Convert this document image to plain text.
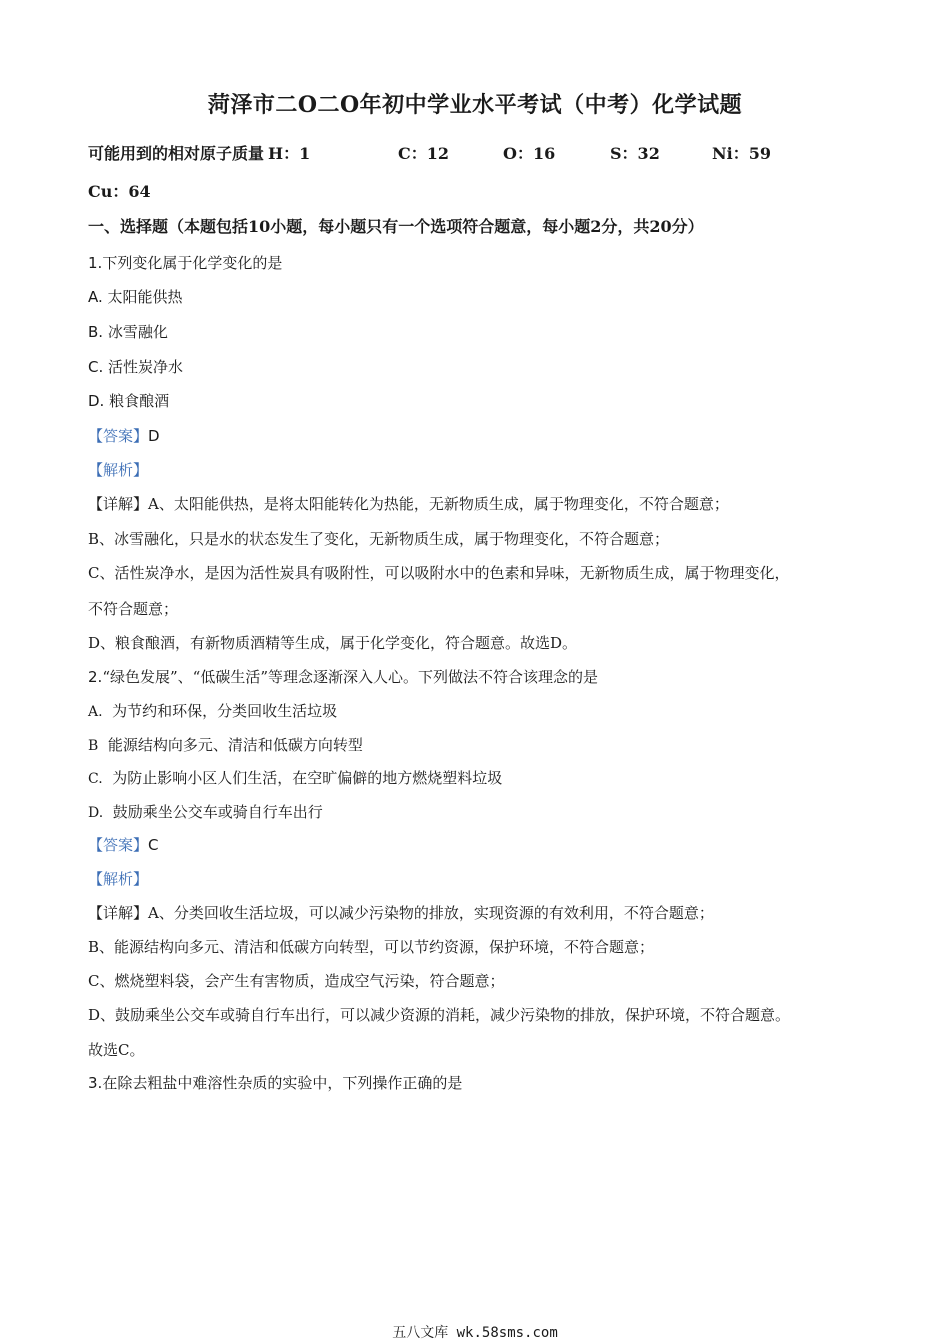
菏泽市二O二O年初中学业水平考试（中考）化学试题
可能用到的相对原子质量 H：1	C：12	O：16	S：32	Ni：59
Cu：64
一、选择题（本题包括10小题，每小题只有一个选项符合题意，每小题2分，共20分）
1.下列变化属于化学变化的是
A. 太阳能供热
B. 冰雪融化
C. 活性炭净水
D. 粮食酿酒
【答案】D
【解析】
【详解】A、太阳能供热，是将太阳能转化为热能，无新物质生成，属于物理变化，不符合题意；
B、冰雪融化，只是水的状态发生了变化，无新物质生成，属于物理变化，不符合题意；
C、活性炭净水，是因为活性炭具有吸附性，可以吸附水中的色素和异味，无新物质生成，属于物理变化，
不符合题意；
D、粮食酿酒，有新物质酒精等生成，属于化学变化，符合题意。故选D。
2.“绿色发展”、“低碳生活”等理念逐渐深入人心。下列做法不符合该理念的是
A. 为节约和环保，分类回收生活垃圾
B 能源结构向多元、清洁和低碳方向转型
C. 为防止影响小区人们生活，在空旷偏僻的地方燃烧塑料垃圾
D. 鼓励乘坐公交车或骑自行车出行
【答案】C
【解析】
【详解】A、分类回收生活垃圾，可以减少污染物的排放，实现资源的有效利用，不符合题意；
B、能源结构向多元、清洁和低碳方向转型，可以节约资源，保护环境，不符合题意；
C、燃烧塑料袋，会产生有害物质，造成空气污染，符合题意；
D、鼓励乘坐公交车或骑自行车出行，可以减少资源的消耗，减少污染物的排放，保护环境，不符合题意。
故选C。
3.在除去粗盐中难溶性杂质的实验中，下列操作正确的是
五八文库 wk.58sms.com
